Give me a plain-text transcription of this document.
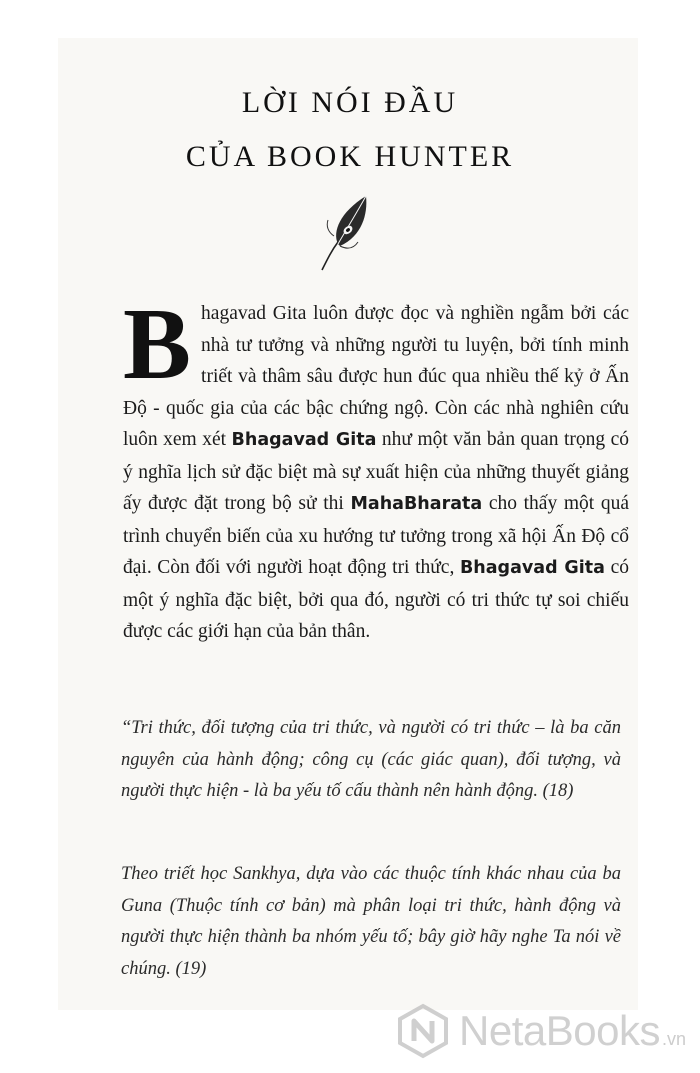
LỜI NÓI ĐẦU
CỦA BOOK HUNTER

Bhagavad Gita luôn được đọc và nghiền ngẫm bởi các nhà tư tưởng và những người tu luyện, bởi tính minh triết và thâm sâu được hun đúc qua nhiều thế kỷ ở Ấn Độ - quốc gia của các bậc chứng ngộ. Còn các nhà nghiên cứu luôn xem xét Bhagavad Gita như một văn bản quan trọng có ý nghĩa lịch sử đặc biệt mà sự xuất hiện của những thuyết giảng ấy được đặt trong bộ sử thi MahaBharata cho thấy một quá trình chuyển biến của xu hướng tư tưởng trong xã hội Ấn Độ cổ đại. Còn đối với người hoạt động tri thức, Bhagavad Gita có một ý nghĩa đặc biệt, bởi qua đó, người có tri thức tự soi chiếu được các giới hạn của bản thân.

“Tri thức, đối tượng của tri thức, và người có tri thức – là ba căn nguyên của hành động; công cụ (các giác quan), đối tượng, và người thực hiện - là ba yếu tố cấu thành nên hành động. (18)

Theo triết học Sankhya, dựa vào các thuộc tính khác nhau của ba Guna (Thuộc tính cơ bản) mà phân loại tri thức, hành động và người thực hiện thành ba nhóm yếu tố; bây giờ hãy nghe Ta nói về chúng. (19)

NetaBooks .vn
